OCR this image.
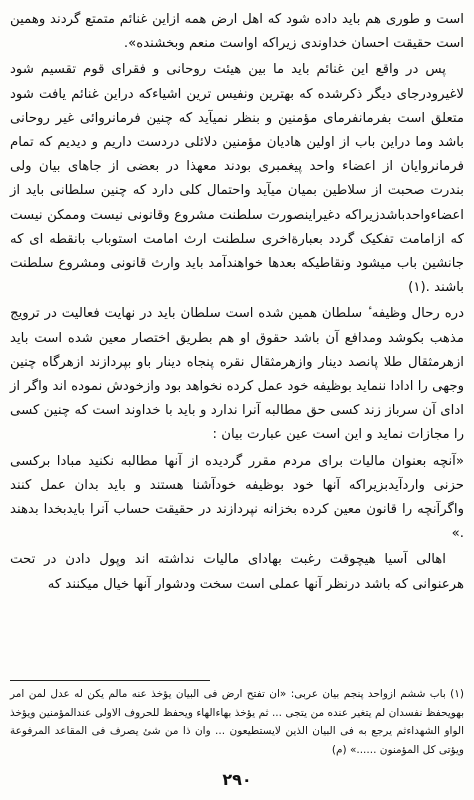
است و طوری هم باید داده شود که اهل ارض همه ازاین غنائم متمتع گردند وهمین است حقیقت احسان خداوندی زیراکه اواست منعم وبخشنده».

پس در واقع این غنائم باید ما بین هیئت روحانی و فقرای قوم تقسیم شود لاغیرودرجای دیگر ذکرشده که بهترین ونفیس ترین اشیاءکه دراین غنائم یافت شود متعلق است بفرمانفرمای مؤمنین و بنظر نمیآید که چنین فرمانروائی غیر روحانی باشد وما دراین باب از اولین هادیان مؤمنین دلائلی دردست داریم و دیدیم که تمام فرمانروایان از اعضاء واحد پیغمبری بودند معهذا در بعضی از جاهای بیان ولی بندرت صحبت از سلاطین بمیان میآید واحتمال کلی دارد که چنین سلطانی باید از اعضاءواحدباشدزیراکه دغیراینصورت سلطنت مشروع وقانونی نیست وممکن نیست که ازامامت تفکیک گردد بعبارةاخری سلطنت ارث امامت استوباب بانقطه ای که جانشین باب میشود ونقاطیکه بعدها خواهندآمد باید وارث قانونی ومشروع سلطنت باشند .(۱)

دره رحال وظیفه ٔ سلطان همین شده است سلطان باید در نهایت فعالیت در ترویج مذهب بکوشد ومدافع آن باشد حقوق او هم بطریق اختصار معین شده است باید ازهرمثقال طلا پانصد دینار وازهرمثقال نقره پنجاه دینار باو بپردازند ازهرگاه چنین وجهی را ادادا ننماید بوظیفه خود عمل کرده نخواهد بود وازخودش نموده اند واگر از ادای آن سرباز زند کسی حق مطالبه آنرا ندارد و باید با خداوند است که چنین کسی را مجازات نماید و این است عین عبارت بیان :

«آنچه بعنوان مالیات برای مردم مقرر گردیده از آنها مطالبه نکنید مبادا برکسی حزنی واردآیدبزیراکه آنها خود بوظیفه خودآشنا هستند و باید بدان عمل کنند واگرآنچه را قانون معین کرده بخزانه نپردازند در حقیقت حساب آنرا بایدبخدا بدهند .»

اهالی آسیا هیچوقت رغبت بهادای مالیات نداشته اند وپول دادن در تحت هرعنوانی که باشد درنظر آنها عملی است سخت ودشوار آنها خیال میکنند که

(۱) باب ششم ازواحد پنجم بیان عربی: «ان تفتح ارض فی البیان یؤخذ عنه مالم یکن له عدل لمن امر بهویحفظ نفسدان لم یتغیر عنده من یتجی ... ثم یؤخذ بهاءالهاء ویحفظ للحروف الاولی عندالمؤمنین ویؤخذ الواو الشهداءثم یرجع به فی البیان الذین لایستطیعون ... وان ذا من شئ یصرف فی المقاعد المرفوعة ویؤتی کل المؤمنون ......» (م)
۲۹۰
